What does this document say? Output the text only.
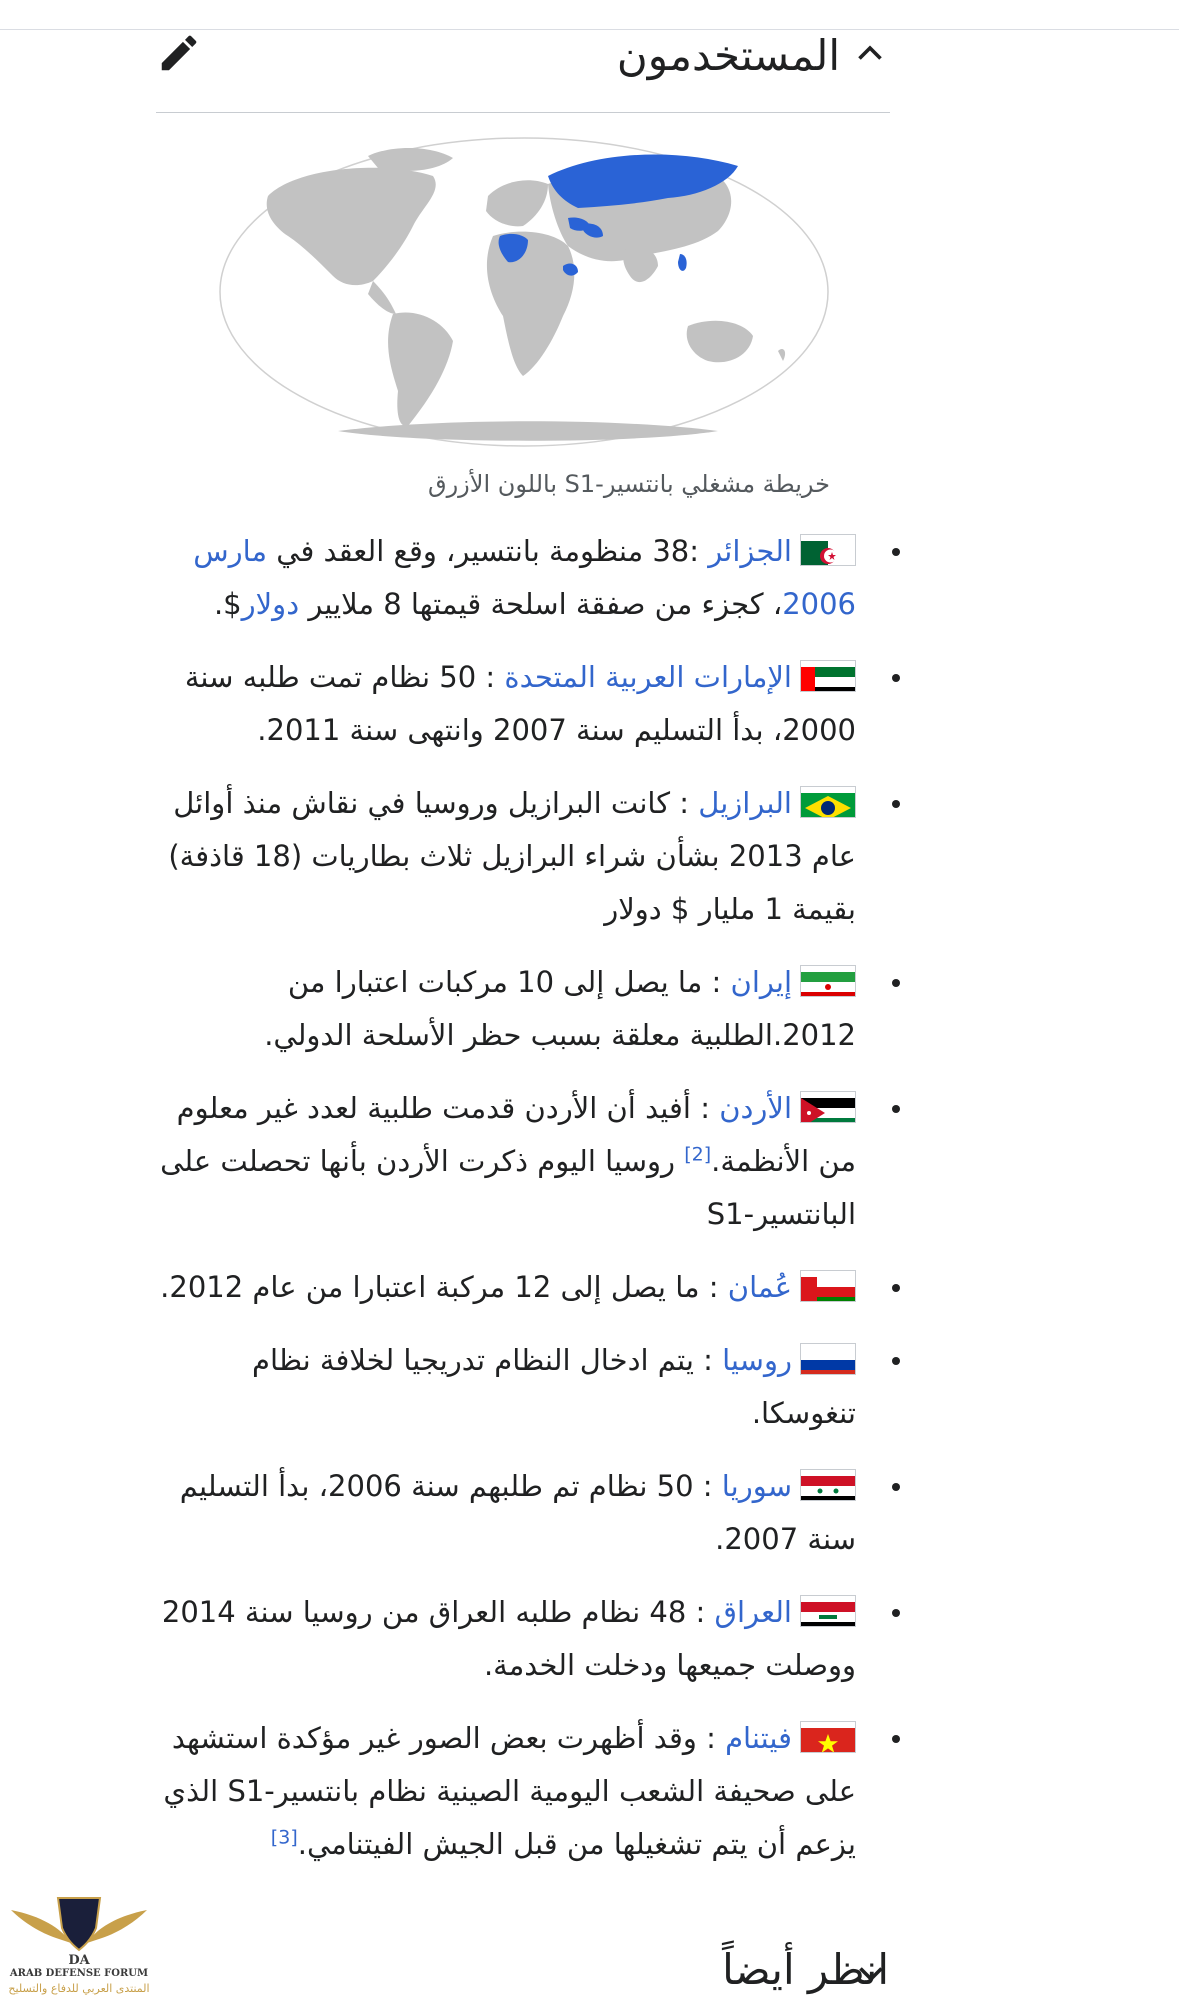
المستخدمون
خريطة مشغلي بانتسير-S1 باللون الأزرق
الجزائر :38 منظومة بانتسير، وقع العقد في مارس 2006، كجزء من صفقة اسلحة قيمتها 8 ملايير دولار$.
الإمارات العربية المتحدة : 50 نظام تمت طلبه سنة 2000، بدأ التسليم سنة 2007 وانتهى سنة 2011.
البرازيل : كانت البرازيل وروسيا في نقاش منذ أوائل عام 2013 بشأن شراء البرازيل ثلاث بطاريات (18 قاذفة) بقيمة 1 مليار $ دولار
إيران : ما يصل إلى 10 مركبات اعتبارا من 2012.الطلبية معلقة بسبب حظر الأسلحة الدولي.
الأردن : أفيد أن الأردن قدمت طلبية لعدد غير معلوم من الأنظمة.[2] روسيا اليوم ذكرت الأردن بأنها تحصلت على البانتسير-S1
عُمان : ما يصل إلى 12 مركبة اعتبارا من عام 2012.
روسيا : يتم ادخال النظام تدريجيا لخلافة نظام تنغوسكا.
سوريا : 50 نظام تم طلبهم سنة 2006، بدأ التسليم سنة 2007.
العراق : 48 نظام طلبه العراق من روسيا سنة 2014 ووصلت جميعها ودخلت الخدمة.
فيتنام : وقد أظهرت بعض الصور غير مؤكدة استشهد على صحيفة الشعب اليومية الصينية نظام بانتسير-S1 الذي يزعم أن يتم تشغيلها من قبل الجيش الفيتنامي.[3]
انظر أيضاً
DA
ARAB DEFENSE FORUM
المنتدى العربي للدفاع والتسليح
